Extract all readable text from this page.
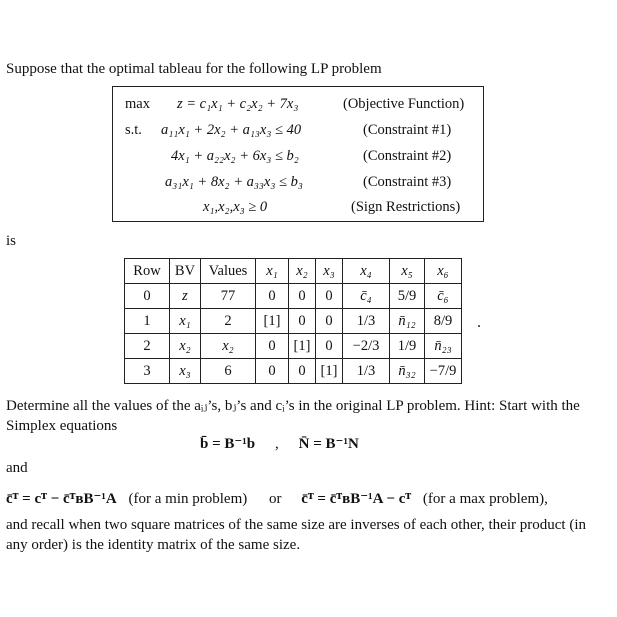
Suppose that the optimal tableau for the following LP problem
max z = c₁x₁ + c₂x₂ + 7x₃	(Objective Function)
s.t. a₁₁x₁ + 2x₂ + a₁₃x₃ ≤ 40	(Constraint #1)
4x₁ + a₂₂x₂ + 6x₃ ≤ b₂	(Constraint #2)
a₃₁x₁ + 8x₂ + a₃₃x₃ ≤ b₃	(Constraint #3)
x₁,x₂,x₃ ≥ 0	(Sign Restrictions)
is
Row	BV	Values	x₁	x₂	x₃	x₄	x₅	x₆
0	z	77	0	0	0	c̄₄	5/9	c̄₆
1	x₁	2	[1]	0	0	1/3	n̄₁₂	8/9
2	x₂	x₂	0	[1]	0	−2/3	1/9	n̄₂₃
3	x₃	6	0	0	[1]	1/3	n̄₃₂	−7/9
.
Determine all the values of the aᵢⱼ’s, bⱼ’s and cᵢ’s in the original LP problem. Hint: Start with the Simplex equations
b̄ = B⁻¹b , N̄ = B⁻¹N
and
c̄ᵀ = cᵀ − c̄ᵀʙB⁻¹A (for a min problem) or c̄ᵀ = c̄ᵀʙB⁻¹A − cᵀ (for a max problem),
and recall when two square matrices of the same size are inverses of each other, their product (in any order) is the identity matrix of the same size.
